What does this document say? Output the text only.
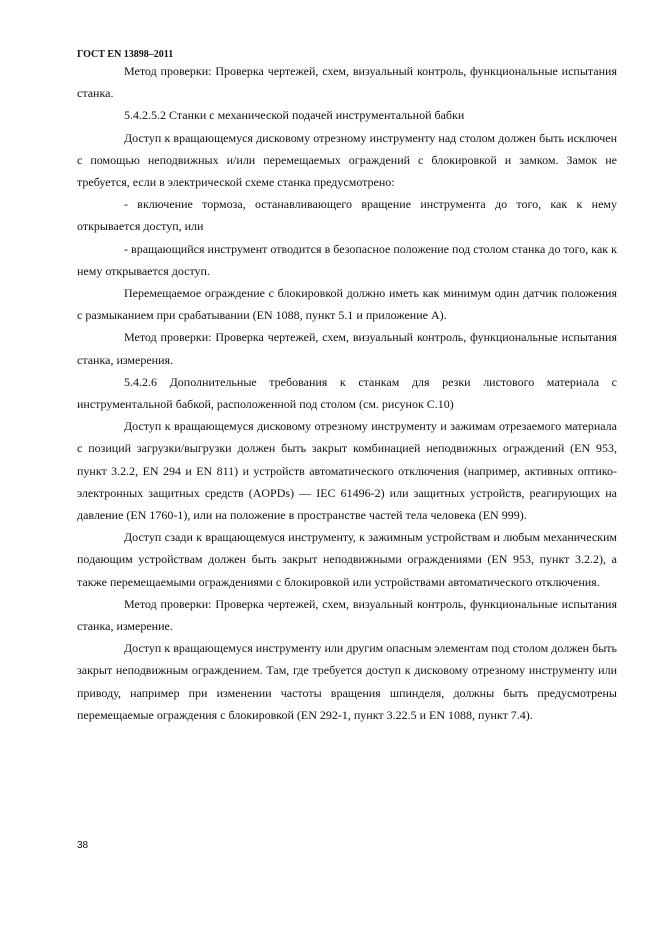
ГОСТ EN 13898–2011

Метод проверки: Проверка чертежей, схем, визуальный контроль, функциональные испытания станка.

5.4.2.5.2 Станки с механической подачей инструментальной бабки

Доступ к вращающемуся дисковому отрезному инструменту над столом должен быть исключен с помощью неподвижных и/или перемещаемых ограждений с блокировкой и замком. Замок не требуется, если в электрической схеме станка предусмотрено:

- включение тормоза, останавливающего вращение инструмента до того, как к нему открывается доступ, или

- вращающийся инструмент отводится в безопасное положение под столом станка до того, как к нему открывается доступ.

Перемещаемое ограждение с блокировкой должно иметь как минимум один датчик положения с размыканием при срабатывании (EN 1088, пункт 5.1 и приложение А).

Метод проверки: Проверка чертежей, схем, визуальный контроль, функциональные испытания станка, измерения.

5.4.2.6 Дополнительные требования к станкам для резки листового материала с инструментальной бабкой, расположенной под столом (см. рисунок С.10)

Доступ к вращающемуся дисковому отрезному инструменту и зажимам отрезаемого материала с позиций загрузки/выгрузки должен быть закрыт комбинацией неподвижных ограждений (EN 953, пункт 3.2.2, EN 294 и EN 811) и устройств автоматического отключения (например, активных оптико-электронных защитных средств (AOPDs) — IEC 61496-2) или защитных устройств, реагирующих на давление (EN 1760-1), или на положение в пространстве частей тела человека (EN 999).

Доступ сзади к вращающемуся инструменту, к зажимным устройствам и любым механическим подающим устройствам должен быть закрыт неподвижными ограждениями (EN 953, пункт 3.2.2), а также перемещаемыми ограждениями с блокировкой или устройствами автоматического отключения.

Метод проверки: Проверка чертежей, схем, визуальный контроль, функциональные испытания станка, измерение.

Доступ к вращающемуся инструменту или другим опасным элементам под столом должен быть закрыт неподвижным ограждением. Там, где требуется доступ к дисковому отрезному инструменту или приводу, например при изменении частоты вращения шпинделя, должны быть предусмотрены перемещаемые ограждения с блокировкой (EN 292-1, пункт 3.22.5 и EN 1088, пункт 7.4).

38
